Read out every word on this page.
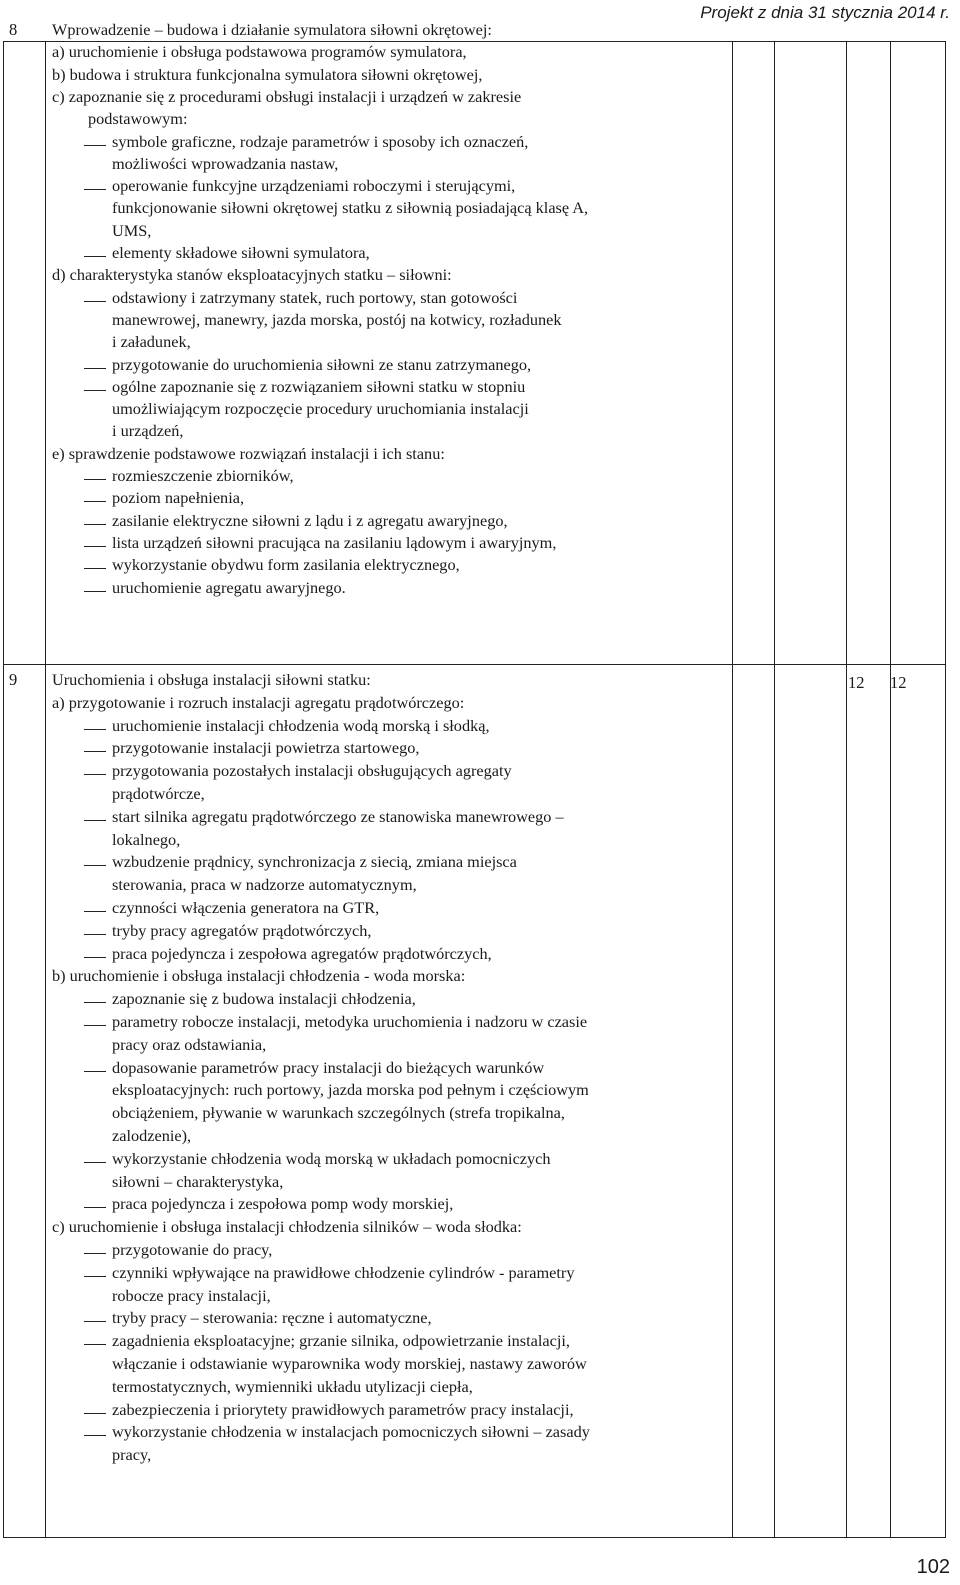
Projekt z dnia 31 stycznia 2014 r.
8 Wprowadzenie – budowa i działanie symulatora siłowni okrętowej:
a) uruchomienie i obsługa podstawowa programów symulatora,
b) budowa i struktura funkcjonalna symulatora siłowni okrętowej,
c) zapoznanie się z procedurami obsługi instalacji i urządzeń w zakresie
podstawowym:
symbole graficzne, rodzaje parametrów i sposoby ich oznaczeń,
możliwości wprowadzania nastaw,
operowanie funkcyjne urządzeniami roboczymi i sterującymi,
funkcjonowanie siłowni okrętowej statku z siłownią posiadającą klasę A,
UMS,
elementy składowe siłowni symulatora,
d) charakterystyka stanów eksploatacyjnych statku – siłowni:
odstawiony i zatrzymany statek, ruch portowy, stan gotowości
manewrowej, manewry, jazda morska, postój na kotwicy, rozładunek
i załadunek,
przygotowanie do uruchomienia siłowni ze stanu zatrzymanego,
ogólne zapoznanie się z rozwiązaniem siłowni statku w stopniu
umożliwiającym rozpoczęcie procedury uruchomiania instalacji
i urządzeń,
e) sprawdzenie podstawowe rozwiązań instalacji i ich stanu:
rozmieszczenie zbiorników,
poziom napełnienia,
zasilanie elektryczne siłowni z lądu i z agregatu awaryjnego,
lista urządzeń siłowni pracująca na zasilaniu lądowym i awaryjnym,
wykorzystanie obydwu form zasilania elektrycznego,
uruchomienie agregatu awaryjnego.
9 Uruchomienia i obsługa instalacji siłowni statku:
a) przygotowanie i rozruch instalacji agregatu prądotwórczego:
uruchomienie instalacji chłodzenia wodą morską i słodką,
przygotowanie instalacji powietrza startowego,
przygotowania pozostałych instalacji obsługujących agregaty
prądotwórcze,
start silnika agregatu prądotwórczego ze stanowiska manewrowego –
lokalnego,
wzbudzenie prądnicy, synchronizacja z siecią, zmiana miejsca
sterowania, praca w nadzorze automatycznym,
czynności włączenia generatora na GTR,
tryby pracy agregatów prądotwórczych,
praca pojedyncza i zespołowa agregatów prądotwórczych,
b) uruchomienie i obsługa instalacji chłodzenia - woda morska:
zapoznanie się z budowa instalacji chłodzenia,
parametry robocze instalacji, metodyka uruchomienia i nadzoru w czasie
pracy oraz odstawiania,
dopasowanie parametrów pracy instalacji do bieżących warunków
eksploatacyjnych: ruch portowy, jazda morska pod pełnym i częściowym
obciążeniem, pływanie w warunkach szczególnych (strefa tropikalna,
zalodzenie),
wykorzystanie chłodzenia wodą morską w układach pomocniczych
siłowni – charakterystyka,
praca pojedyncza i zespołowa pomp wody morskiej,
c) uruchomienie i obsługa instalacji chłodzenia silników – woda słodka:
przygotowanie do pracy,
czynniki wpływające na prawidłowe chłodzenie cylindrów - parametry
robocze pracy instalacji,
tryby pracy – sterowania: ręczne i automatyczne,
zagadnienia eksploatacyjne; grzanie silnika, odpowietrzanie instalacji,
włączanie i odstawianie wyparownika wody morskiej, nastawy zaworów
termostatycznych, wymienniki układu utylizacji ciepła,
zabezpieczenia i priorytety prawidłowych parametrów pracy instalacji,
wykorzystanie chłodzenia w instalacjach pomocniczych siłowni – zasady
pracy,
12 12
102
